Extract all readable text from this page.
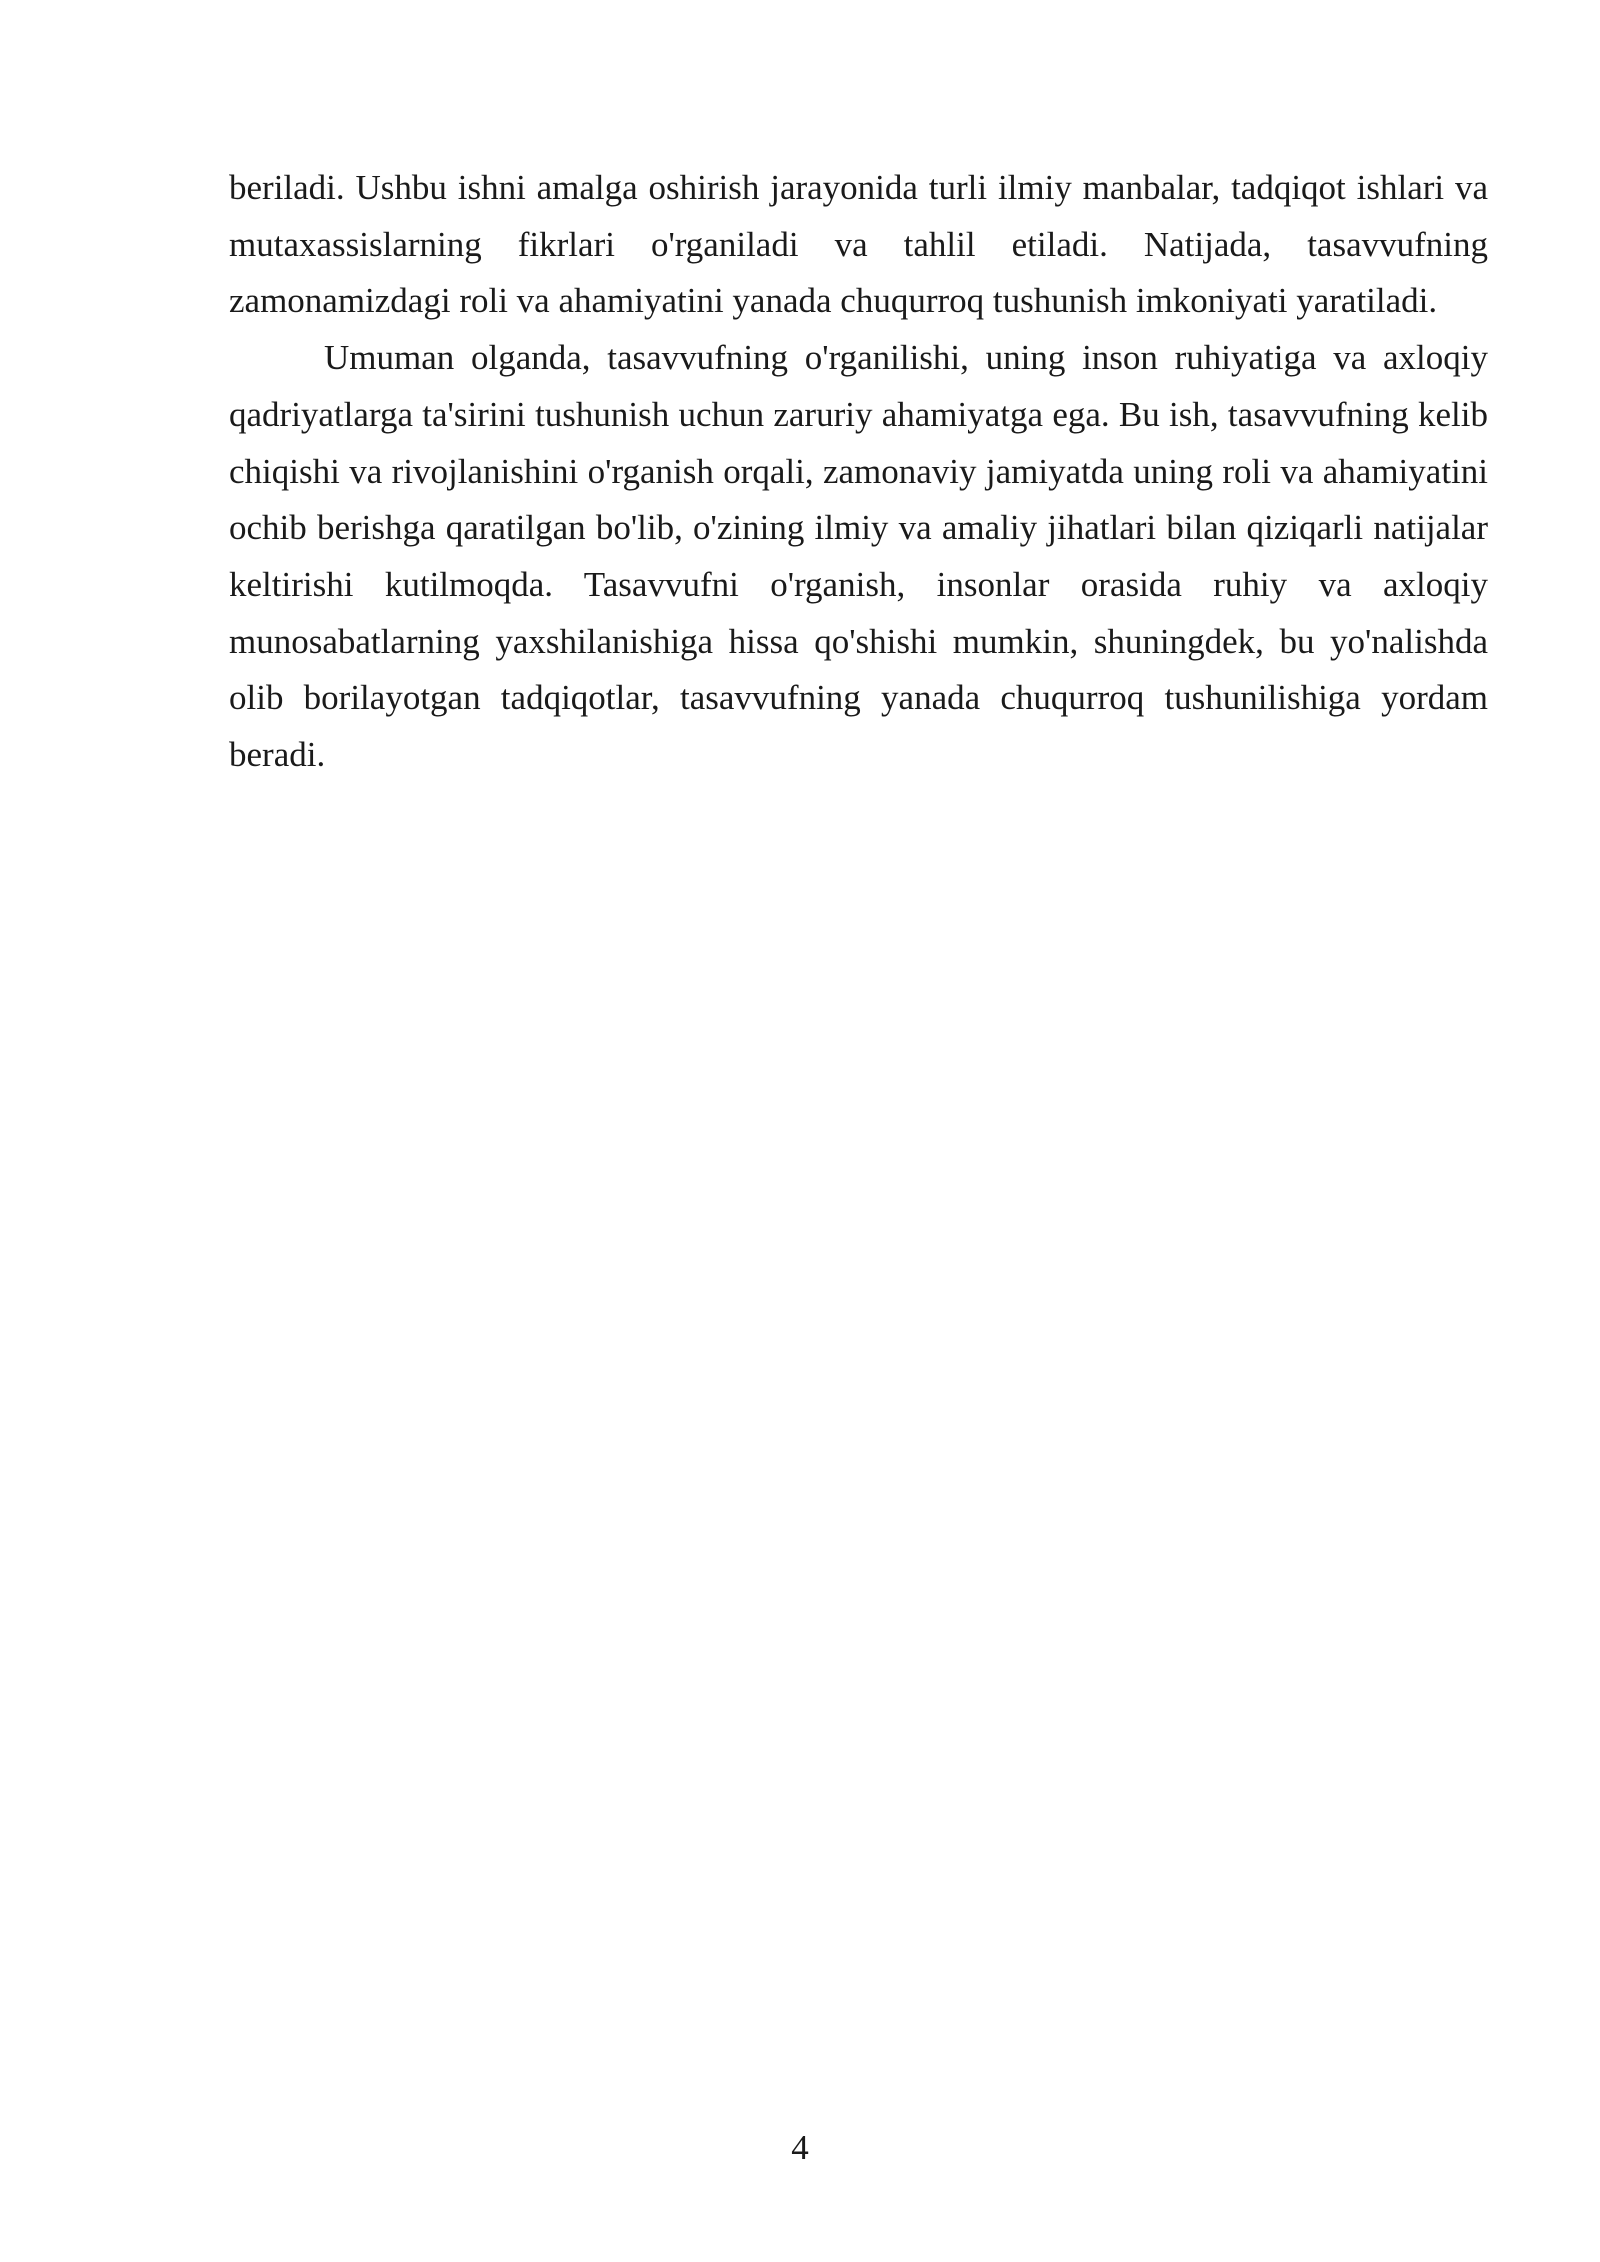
beriladi. Ushbu ishni amalga oshirish jarayonida turli ilmiy manbalar, tadqiqot ishlari va mutaxassislarning fikrlari o'rganiladi va tahlil etiladi. Natijada, tasavvufning zamonamizdagi roli va ahamiyatini yanada chuqurroq tushunish imkoniyati yaratiladi.

Umuman olganda, tasavvufning o'rganilishi, uning inson ruhiyatiga va axloqiy qadriyatlarga ta'sirini tushunish uchun zaruriy ahamiyatga ega. Bu ish, tasavvufning kelib chiqishi va rivojlanishini o'rganish orqali, zamonaviy jamiyatda uning roli va ahamiyatini ochib berishga qaratilgan bo'lib, o'zining ilmiy va amaliy jihatlari bilan qiziqarli natijalar keltirishi kutilmoqda. Tasavvufni o'rganish, insonlar orasida ruhiy va axloqiy munosabatlarning yaxshilanishiga hissa qo'shishi mumkin, shuningdek, bu yo'nalishda olib borilayotgan tadqiqotlar, tasavvufning yanada chuqurroq tushunilishiga yordam beradi.

4
